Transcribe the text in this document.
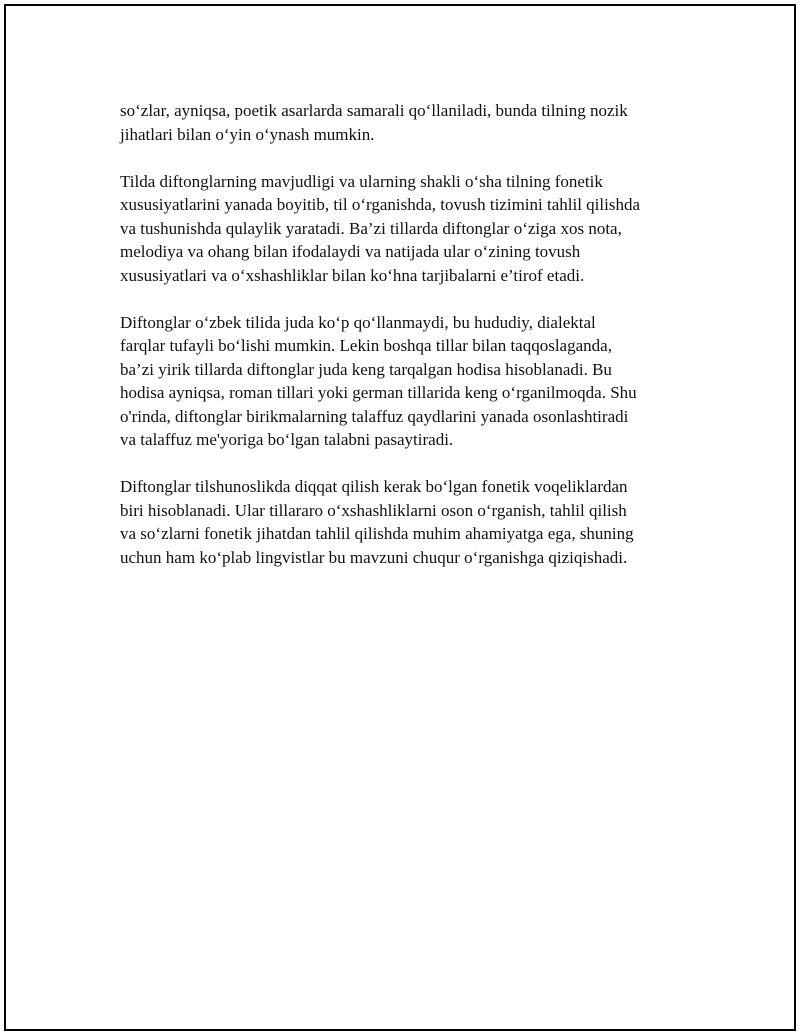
so‘zlar, ayniqsa, poetik asarlarda samarali qo‘llaniladi, bunda tilning nozik
jihatlari bilan o‘yin o‘ynash mumkin.

Tilda diftonglarning mavjudligi va ularning shakli o‘sha tilning fonetik
xususiyatlarini yanada boyitib, til o‘rganishda, tovush tizimini tahlil qilishda
va tushunishda qulaylik yaratadi. Ba’zi tillarda diftonglar o‘ziga xos nota,
melodiya va ohang bilan ifodalaydi va natijada ular o‘zining tovush
xususiyatlari va o‘xshashliklar bilan ko‘hna tarjibalarni e’tirof etadi.

Diftonglar o‘zbek tilida juda ko‘p qo‘llanmaydi, bu hududiy, dialektal
farqlar tufayli bo‘lishi mumkin. Lekin boshqa tillar bilan taqqoslaganda,
ba’zi yirik tillarda diftonglar juda keng tarqalgan hodisa hisoblanadi. Bu
hodisa ayniqsa, roman tillari yoki german tillarida keng o‘rganilmoqda. Shu
o'rinda, diftonglar birikmalarning talaffuz qaydlarini yanada osonlashtiradi
va talaffuz me'yoriga bo‘lgan talabni pasaytiradi.

Diftonglar tilshunoslikda diqqat qilish kerak bo‘lgan fonetik voqeliklardan
biri hisoblanadi. Ular tillararo o‘xshashliklarni oson o‘rganish, tahlil qilish
va so‘zlarni fonetik jihatdan tahlil qilishda muhim ahamiyatga ega, shuning
uchun ham ko‘plab lingvistlar bu mavzuni chuqur o‘rganishga qiziqishadi.
